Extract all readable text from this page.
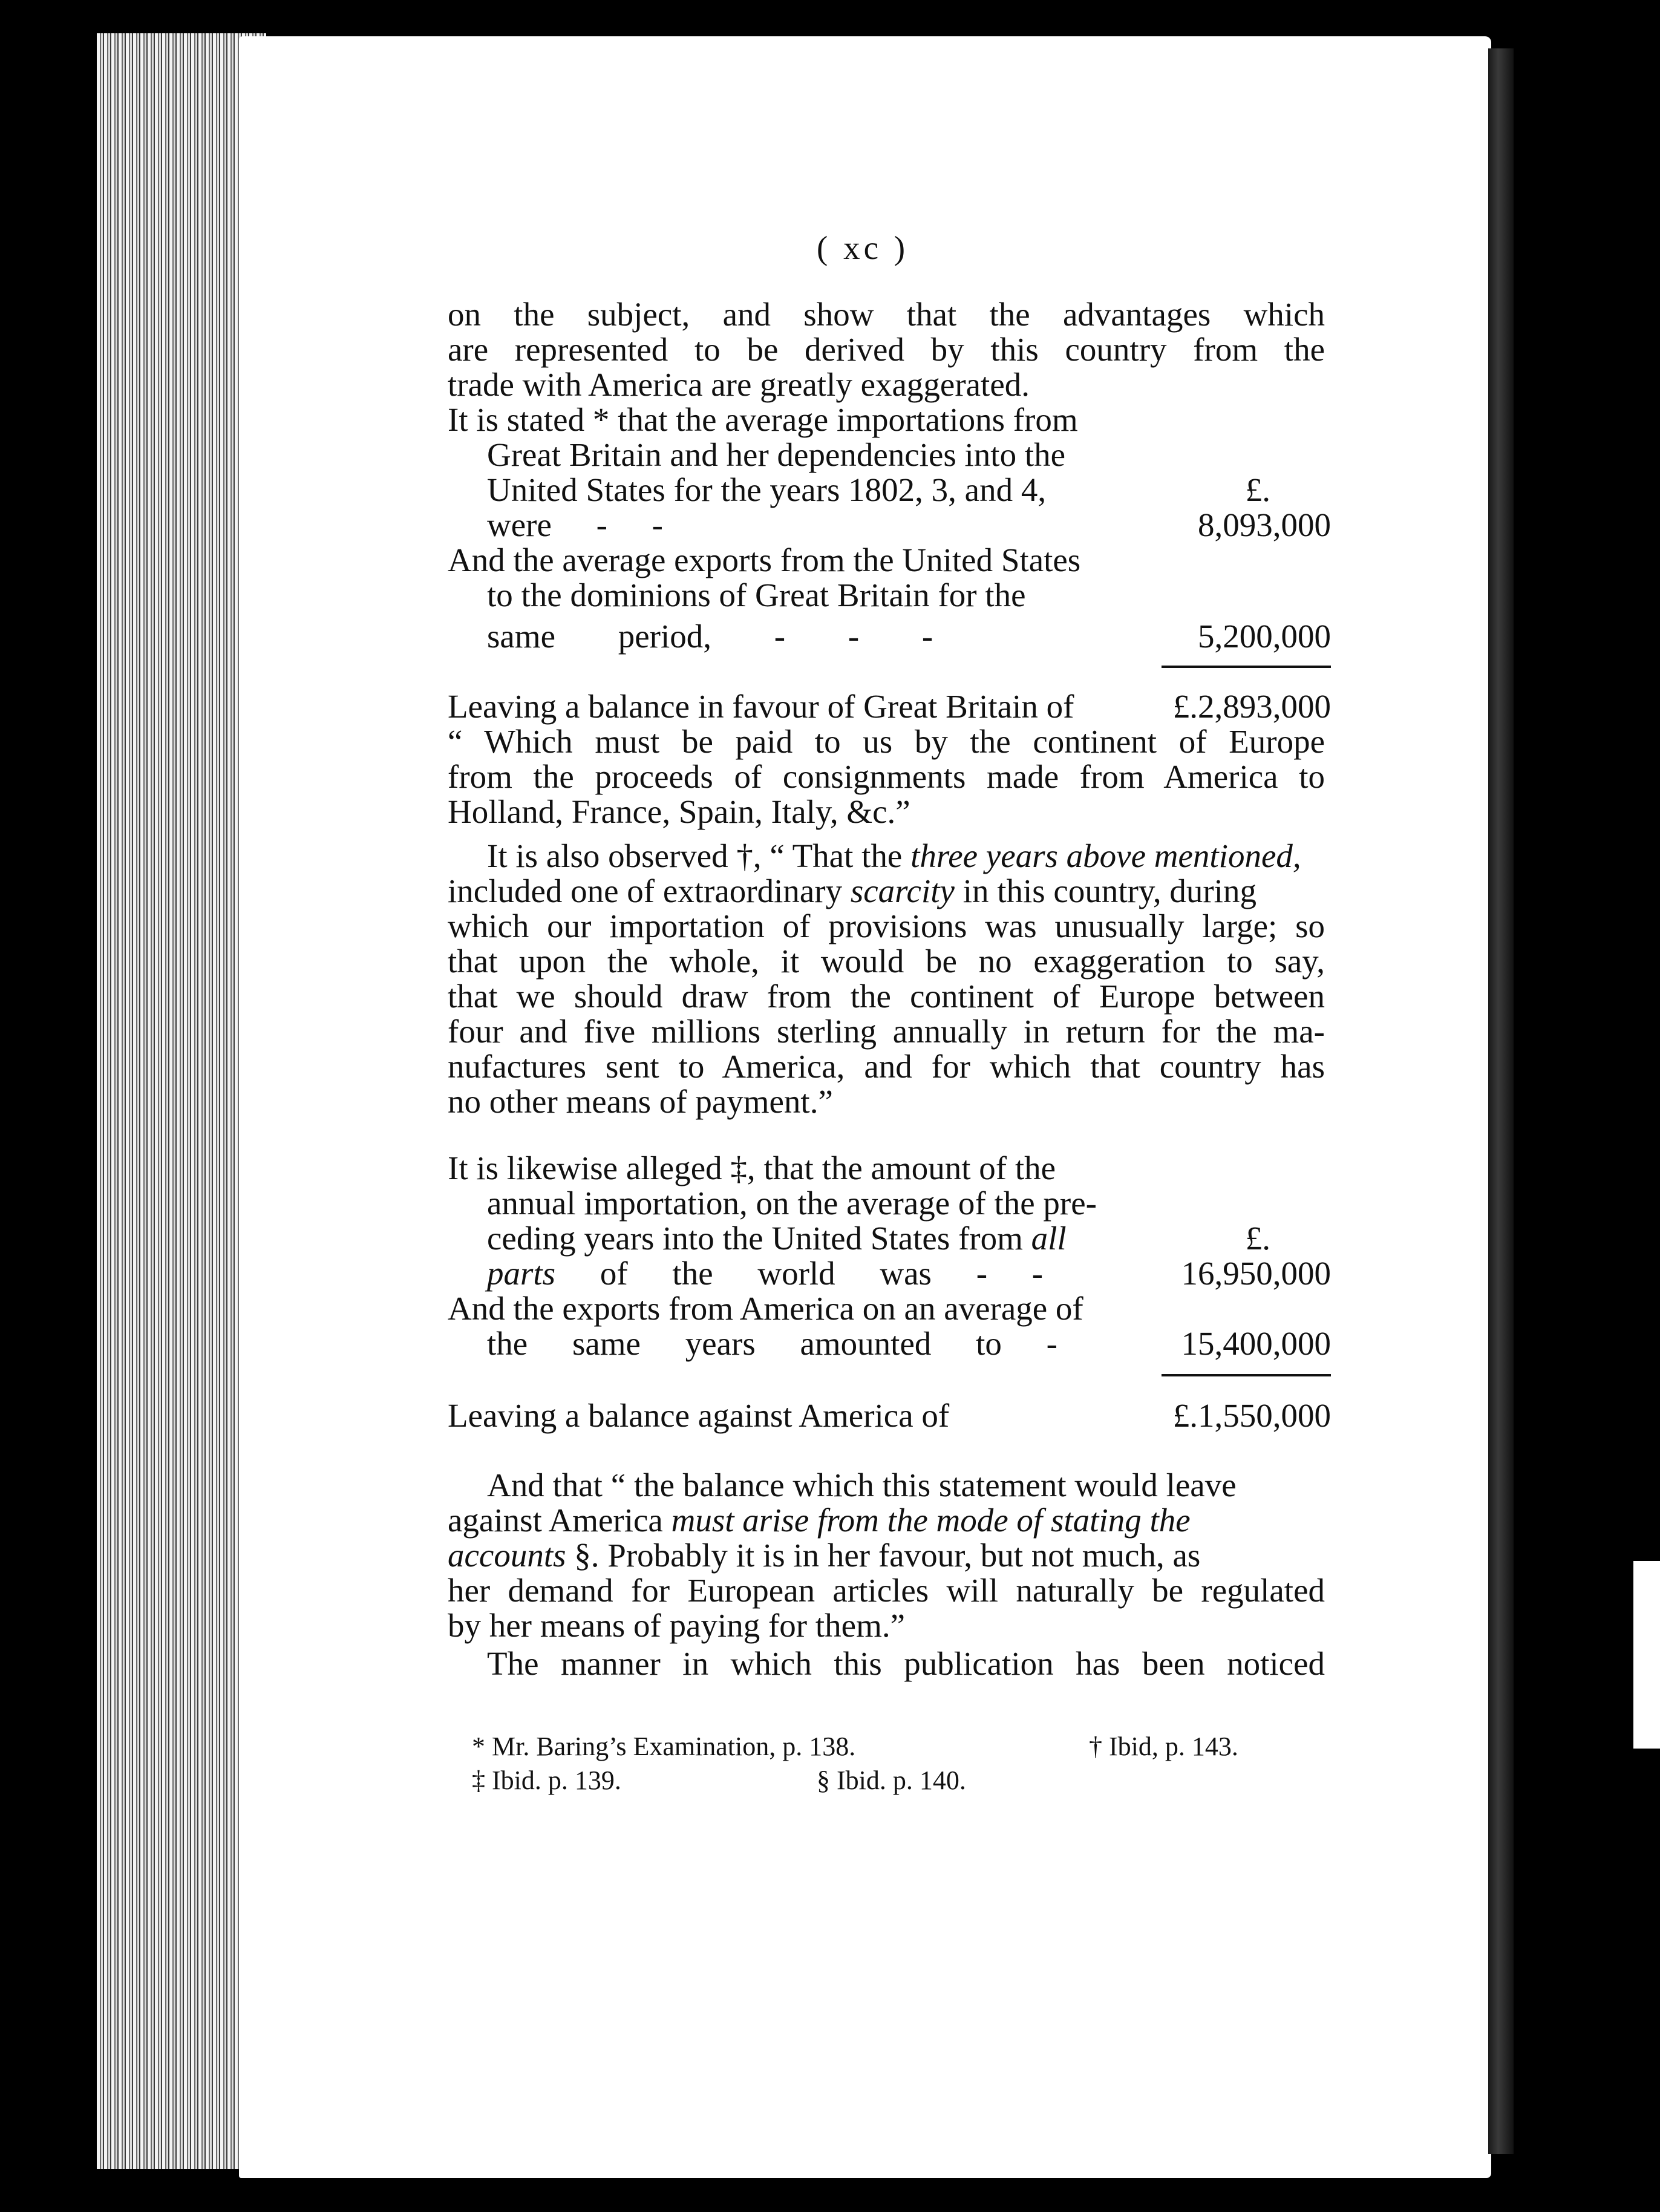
( xc )
on the subject, and show that the advantages which
are represented to be derived by this country from the
trade with America are greatly exaggerated.
It is stated * that the average importations from
Great Britain and her dependencies into the
United States for the years 1802, 3, and 4,	£.
were - -	8,093,000
And the average exports from the United States
to the dominions of Great Britain for the
same period, - - -	5,200,000
Leaving a balance in favour of Great Britain of	£.2,893,000
“ Which must be paid to us by the continent of Europe
from the proceeds of consignments made from America to
Holland, France, Spain, Italy, &c.”
It is also observed †, “ That the three years above mentioned,
included one of extraordinary scarcity in this country, during
which our importation of provisions was unusually large; so
that upon the whole, it would be no exaggeration to say,
that we should draw from the continent of Europe between
four and five millions sterling annually in return for the ma-
nufactures sent to America, and for which that country has
no other means of payment.”
It is likewise alleged ‡, that the amount of the
annual importation, on the average of the pre-
ceding years into the United States from all	£.
parts of the world was - -	16,950,000
And the exports from America on an average of
the same years amounted to -	15,400,000
Leaving a balance against America of	£.1,550,000
And that “ the balance which this statement would leave
against America must arise from the mode of stating the
accounts §. Probably it is in her favour, but not much, as
her demand for European articles will naturally be regulated
by her means of paying for them.”
The manner in which this publication has been noticed
* Mr. Baring’s Examination, p. 138.	† Ibid, p. 143.
‡ Ibid. p. 139.	§ Ibid. p. 140.
